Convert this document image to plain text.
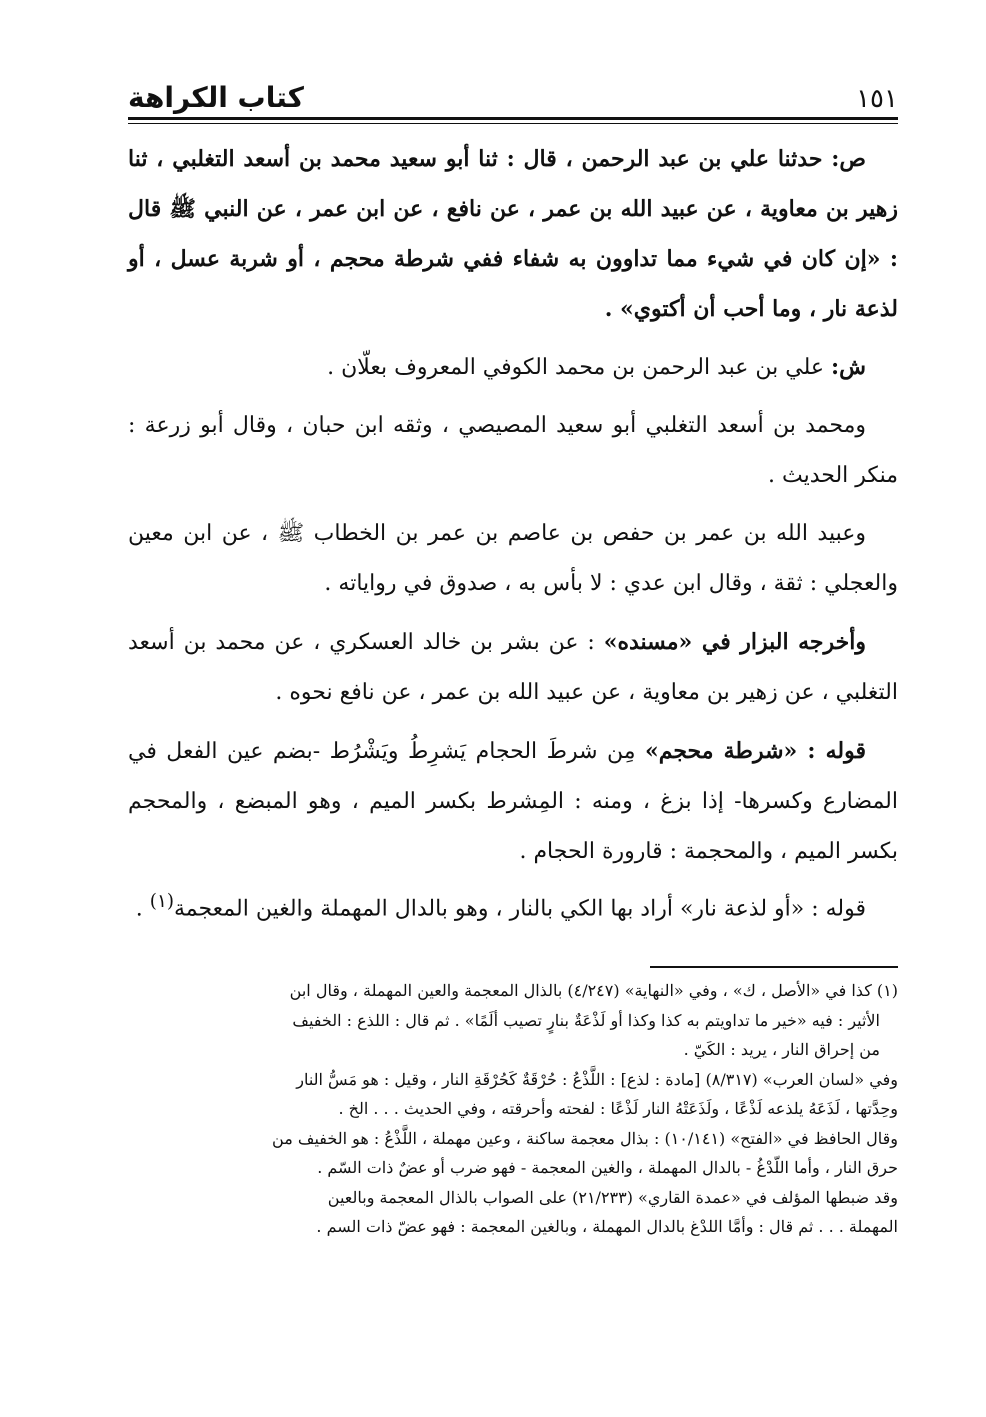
١٥١
كتاب الكراهة

ص: حدثنا علي بن عبد الرحمن ، قال : ثنا أبو سعيد محمد بن أسعد التغلبي ، ثنا زهير بن معاوية ، عن عبيد الله بن عمر ، عن نافع ، عن ابن عمر ، عن النبي ﷺ قال : «إن كان في شيء مما تداوون به شفاء ففي شرطة محجم ، أو شربة عسل ، أو لذعة نار ، وما أحب أن أكتوي» .

ش: علي بن عبد الرحمن بن محمد الكوفي المعروف بعلّان .

ومحمد بن أسعد التغلبي أبو سعيد المصيصي ، وثقه ابن حبان ، وقال أبو زرعة : منكر الحديث .

وعبيد الله بن عمر بن حفص بن عاصم بن عمر بن الخطاب ﷺ ، عن ابن معين والعجلي : ثقة ، وقال ابن عدي : لا بأس به ، صدوق في رواياته .

وأخرجه البزار في «مسنده» : عن بشر بن خالد العسكري ، عن محمد بن أسعد التغلبي ، عن زهير بن معاوية ، عن عبيد الله بن عمر ، عن نافع نحوه .

قوله : «شرطة محجم» مِن شرطَ الحجام يَشرِطُ ويَشْرُط -بضم عين الفعل في المضارع وكسرها- إذا بزغ ، ومنه : المِشرط بكسر الميم ، وهو المبضع ، والمحجم بكسر الميم ، والمحجمة : قارورة الحجام .

قوله : «أو لذعة نار» أراد بها الكي بالنار ، وهو بالدال المهملة والغين المعجمة$^{(١)}$ .

(١) كذا في «الأصل ، ك» ، وفي «النهاية» (٤/٢٤٧) بالذال المعجمة والعين المهملة ، وقال ابن

الأثير : فيه «خير ما تداويتم به كذا وكذا أو لَذْعَةٌ بنارٍ تصيب ألَمًا» . ثم قال : اللذع : الخفيف

من إحراق النار ، يريد : الكَيّ .

وفي «لسان العرب» (٨/٣١٧) [مادة : لذع] : اللَّذْعُ : حُرْقَةٌ كَحُرْقَةِ النار ، وقيل : هو مَسُّ النار

وحِدَّتها ، لَذَعَهُ يلذعه لَذْعًا ، ولَذَعَتْهُ النار لَذْعًا : لفحته وأحرقته ، وفي الحديث . . . الخ .

وقال الحافظ في «الفتح» (١٠/١٤١) : بذال معجمة ساكنة ، وعين مهملة ، اللَّذْعُ : هو الخفيف من

حرق النار ، وأما اللّدْغُ - بالدال المهملة ، والغين المعجمة - فهو ضرب أو عضٌ ذات السّم .

وقد ضبطها المؤلف في «عمدة القاري» (٢١/٢٣٣) على الصواب بالذال المعجمة وبالعين

المهملة . . . ثم قال : وأمَّا اللدْغ بالدال المهملة ، وبالغين المعجمة : فهو عضّ ذات السم .
